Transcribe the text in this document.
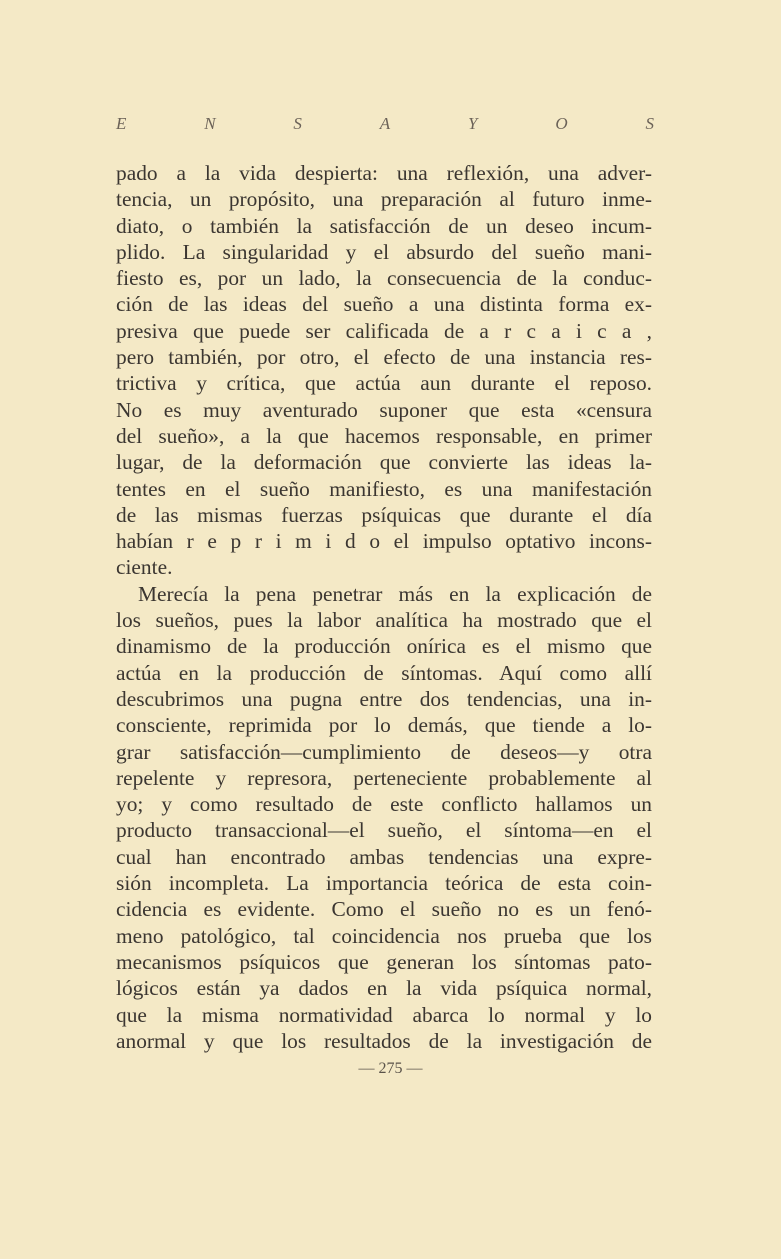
E	N	S	A	Y	O	S
pado a la vida despierta: una reflexión, una adver-
tencia, un propósito, una preparación al futuro inme-
diato, o también la satisfacción de un deseo incum-
plido. La singularidad y el absurdo del sueño mani-
fiesto es, por un lado, la consecuencia de la conduc-
ción de las ideas del sueño a una distinta forma ex-
presiva que puede ser calificada de a r c a i c a ,
pero también, por otro, el efecto de una instancia res-
trictiva y crítica, que actúa aun durante el reposo.
No es muy aventurado suponer que esta «censura
del sueño», a la que hacemos responsable, en primer
lugar, de la deformación que convierte las ideas la-
tentes en el sueño manifiesto, es una manifestación
de las mismas fuerzas psíquicas que durante el día
habían r e p r i m i d o el impulso optativo incons-
ciente.
Merecía la pena penetrar más en la explicación de
los sueños, pues la labor analítica ha mostrado que el
dinamismo de la producción onírica es el mismo que
actúa en la producción de síntomas. Aquí como allí
descubrimos una pugna entre dos tendencias, una in-
consciente, reprimida por lo demás, que tiende a lo-
grar satisfacción—cumplimiento de deseos—y otra
repelente y represora, perteneciente probablemente al
yo; y como resultado de este conflicto hallamos un
producto transaccional—el sueño, el síntoma—en el
cual han encontrado ambas tendencias una expre-
sión incompleta. La importancia teórica de esta coin-
cidencia es evidente. Como el sueño no es un fenó-
meno patológico, tal coincidencia nos prueba que los
mecanismos psíquicos que generan los síntomas pato-
lógicos están ya dados en la vida psíquica normal,
que la misma normatividad abarca lo normal y lo
anormal y que los resultados de la investigación de
— 275 —
